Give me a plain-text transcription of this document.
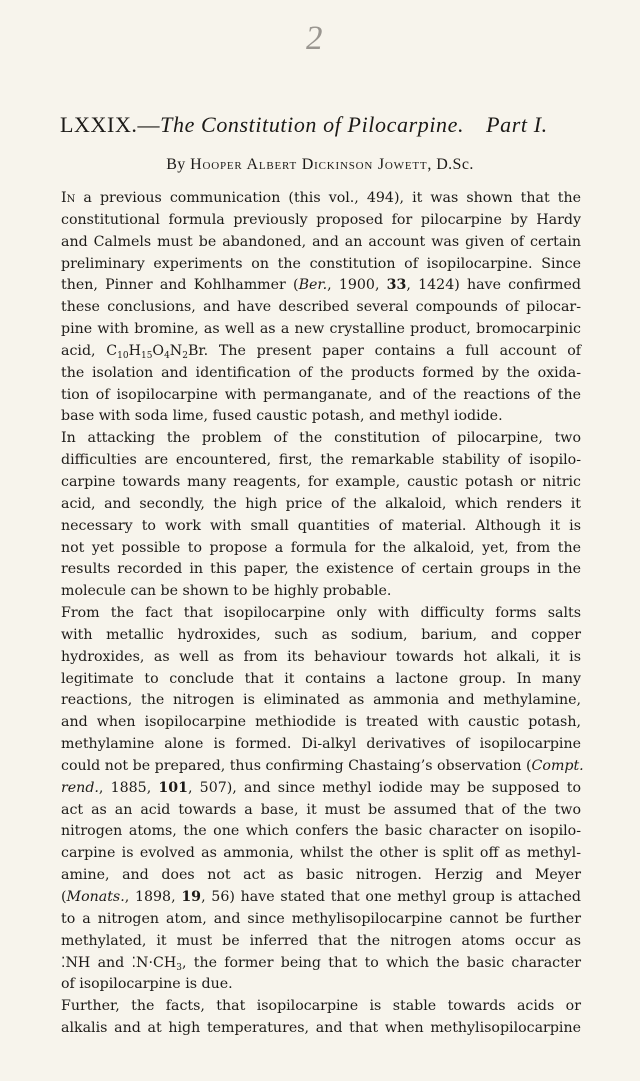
2
LXXIX.—The Constitution of Pilocarpine. Part I.
By Hooper Albert Dickinson Jowett, D.Sc.
In a previous communication (this vol., 494), it was shown that the
constitutional formula previously proposed for pilocarpine by Hardy
and Calmels must be abandoned, and an account was given of certain
preliminary experiments on the constitution of isopilocarpine. Since
then, Pinner and Kohlhammer (Ber., 1900, 33, 1424) have confirmed
these conclusions, and have described several compounds of pilocar-
pine with bromine, as well as a new crystalline product, bromocarpinic
acid, $C_{10}H_{15}O_4N_2Br$. The present paper contains a full account of
the isolation and identification of the products formed by the oxida-
tion of isopilocarpine with permanganate, and of the reactions of the
base with soda lime, fused caustic potash, and methyl iodide.
In attacking the problem of the constitution of pilocarpine, two
difficulties are encountered, first, the remarkable stability of isopilo-
carpine towards many reagents, for example, caustic potash or nitric
acid, and secondly, the high price of the alkaloid, which renders it
necessary to work with small quantities of material. Although it is
not yet possible to propose a formula for the alkaloid, yet, from the
results recorded in this paper, the existence of certain groups in the
molecule can be shown to be highly probable.
From the fact that isopilocarpine only with difficulty forms salts
with metallic hydroxides, such as sodium, barium, and copper
hydroxides, as well as from its behaviour towards hot alkali, it is
legitimate to conclude that it contains a lactone group. In many
reactions, the nitrogen is eliminated as ammonia and methylamine,
and when isopilocarpine methiodide is treated with caustic potash,
methylamine alone is formed. Di-alkyl derivatives of isopilocarpine
could not be prepared, thus confirming Chastaing’s observation (Compt.
rend., 1885, 101, 507), and since methyl iodide may be supposed to
act as an acid towards a base, it must be assumed that of the two
nitrogen atoms, the one which confers the basic character on isopilo-
carpine is evolved as ammonia, whilst the other is split off as methyl-
amine, and does not act as basic nitrogen. Herzig and Meyer
(Monats., 1898, 19, 56) have stated that one methyl group is attached
to a nitrogen atom, and since methylisopilocarpine cannot be further
methylated, it must be inferred that the nitrogen atoms occur as
⁚NH and $⁚N\cdot CH_3$, the former being that to which the basic character
of isopilocarpine is due.
Further, the facts, that isopilocarpine is stable towards acids or
alkalis and at high temperatures, and that when methylisopilocarpine
